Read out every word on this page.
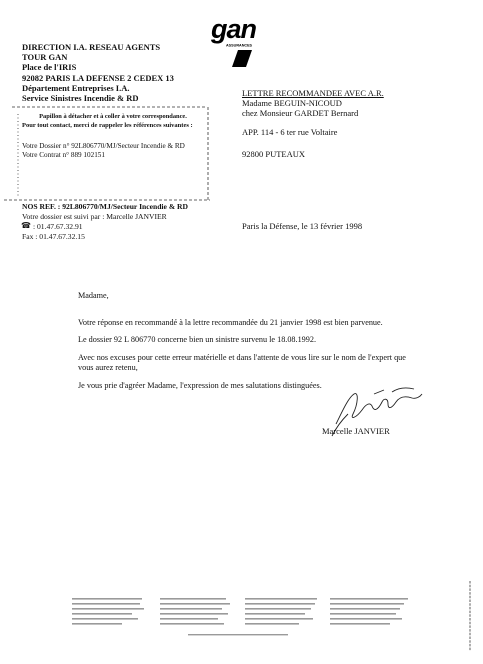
DIRECTION I.A. RESEAU AGENTS
TOUR GAN
Place de l'IRIS
92082 PARIS LA DEFENSE 2 CEDEX 13
Département Entreprises I.A.
Service Sinistres Incendie & RD
gan
ASSURANCES
Papillon à détacher et à coller à votre correspondance.
Pour tout contact, merci de rappeler les références suivantes :
Votre Dossier n° 92L806770/MJ/Secteur Incendie & RD
Votre Contrat n° 889 102151
NOS REF. : 92L806770/MJ/Secteur Incendie & RD
Votre dossier est suivi par : Marcelle JANVIER
☎
: 01.47.67.32.91
Fax : 01.47.67.32.15
LETTRE RECOMMANDEE AVEC A.R.
Madame BEGUIN-NICOUD
chez Monsieur GARDET Bernard
APP. 114 - 6 ter rue Voltaire
92800 PUTEAUX
Paris la Défense, le 13 février 1998
Madame,
Votre réponse en recommandé à la lettre recommandée du 21 janvier 1998 est bien parvenue.
Le dossier 92 L 806770 concerne bien un sinistre survenu le 18.08.1992.
Avec nos excuses pour cette erreur matérielle et dans l'attente de vous lire sur le nom de l'expert que
vous aurez retenu,
Je vous prie d'agréer Madame, l'expression de mes salutations distinguées.
Marcelle JANVIER
